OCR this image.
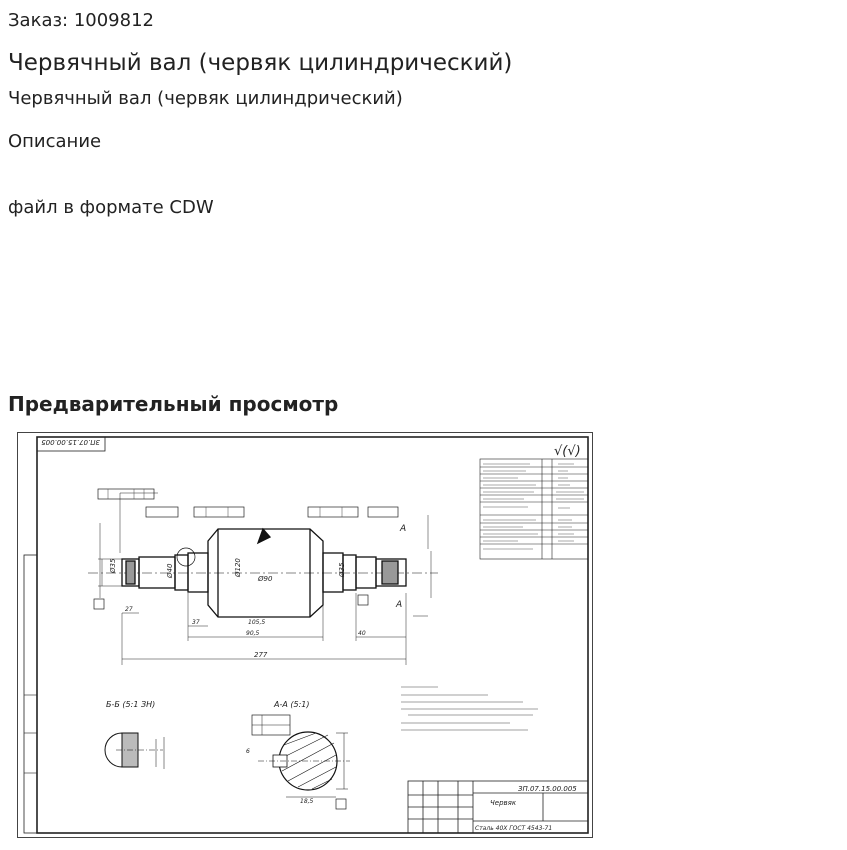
Заказ: 1009812
Червячный вал (червяк цилиндрический)
Червячный вал (червяк цилиндрический)
Описание
файл в формате CDW
Предварительный просмотр
ЗП.07.15.00.005
√(√)
Ø35	Ø40	Ø120
Ø90
Ø35
27
37	105,5
90,5	40
277
А
А
Б-Б (5:1 ЗН)	А-А (5:1)
18,5
6
ЗП.07.15.00.005
Червяк
Сталь 40Х ГОСТ 4543-71
